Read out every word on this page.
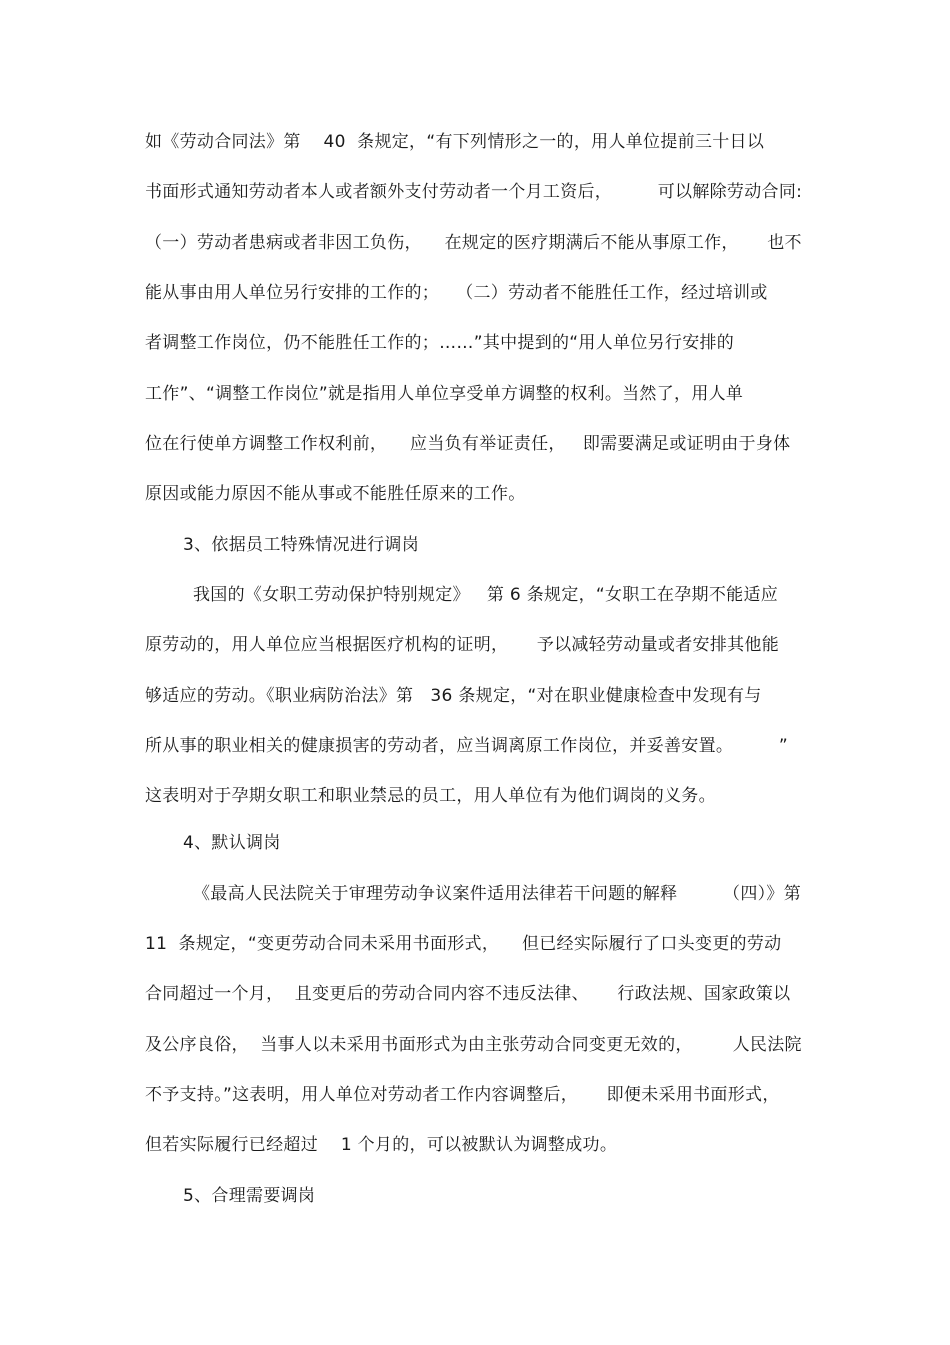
如《劳动合同法》第    40  条规定，“有下列情形之一的，用人单位提前三十日以
书面形式通知劳动者本人或者额外支付劳动者一个月工资后，        可以解除劳动合同:
（一）劳动者患病或者非因工负伤，    在规定的医疗期满后不能从事原工作，     也不
能从事由用人单位另行安排的工作的；   （二）劳动者不能胜任工作，经过培训或
者调整工作岗位，仍不能胜任工作的；……”其中提到的“用人单位另行安排的
工作”、“调整工作岗位”就是指用人单位享受单方调整的权利。当然了，用人单
位在行使单方调整工作权利前，    应当负有举证责任，   即需要满足或证明由于身体
原因或能力原因不能从事或不能胜任原来的工作。
3、依据员工特殊情况进行调岗
我国的《女职工劳动保护特别规定》   第 6 条规定，“女职工在孕期不能适应
原劳动的，用人单位应当根据医疗机构的证明，     予以减轻劳动量或者安排其他能
够适应的劳动。《职业病防治法》第   36 条规定，“对在职业健康检查中发现有与
所从事的职业相关的健康损害的劳动者，应当调离原工作岗位，并妥善安置。        ”
这表明对于孕期女职工和职业禁忌的员工，用人单位有为他们调岗的义务。
4、默认调岗
《最高人民法院关于审理劳动争议案件适用法律若干问题的解释        （四）》第
11  条规定，“变更劳动合同未采用书面形式，    但已经实际履行了口头变更的劳动
合同超过一个月，  且变更后的劳动合同内容不违反法律、     行政法规、国家政策以
及公序良俗，  当事人以未采用书面形式为由主张劳动合同变更无效的，       人民法院
不予支持。”这表明，用人单位对劳动者工作内容调整后，     即便未采用书面形式，
但若实际履行已经超过    1 个月的，可以被默认为调整成功。
5、合理需要调岗
